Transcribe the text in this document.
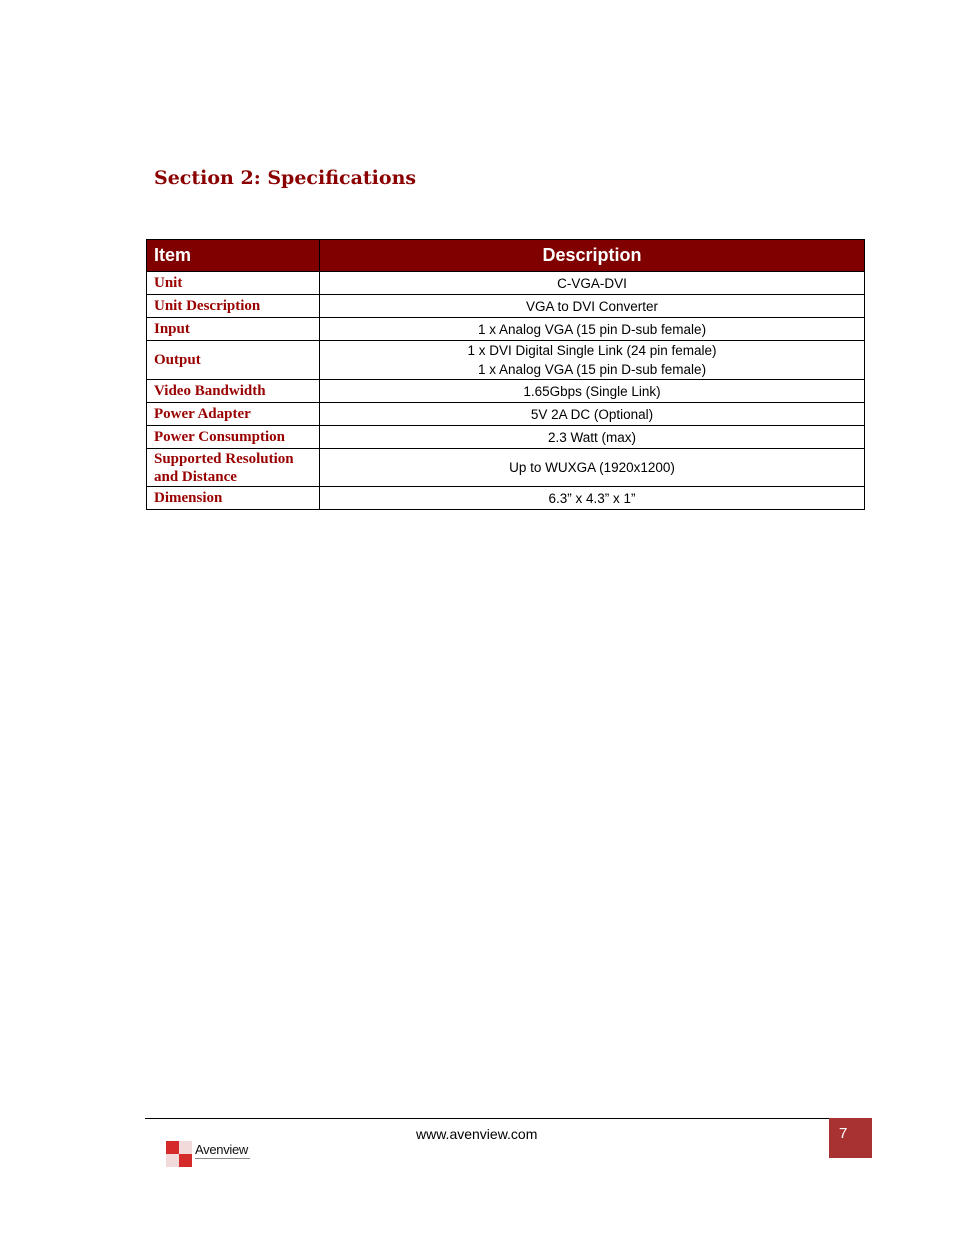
Section 2: Specifications
Item	Description
Unit	C-VGA-DVI

Unit Description	VGA to DVI Converter

Input	1 x Analog VGA (15 pin D-sub female)

Output	1 x DVI Digital Single Link (24 pin female)
1 x Analog VGA (15 pin D-sub female)

Video Bandwidth	1.65Gbps (Single Link)

Power Adapter	5V 2A DC (Optional)

Power Consumption	2.3 Watt (max)

Supported Resolution and Distance	Up to WUXGA (1920x1200)

Dimension	6.3” x 4.3” x 1”
Avenview
www.avenview.com	7
